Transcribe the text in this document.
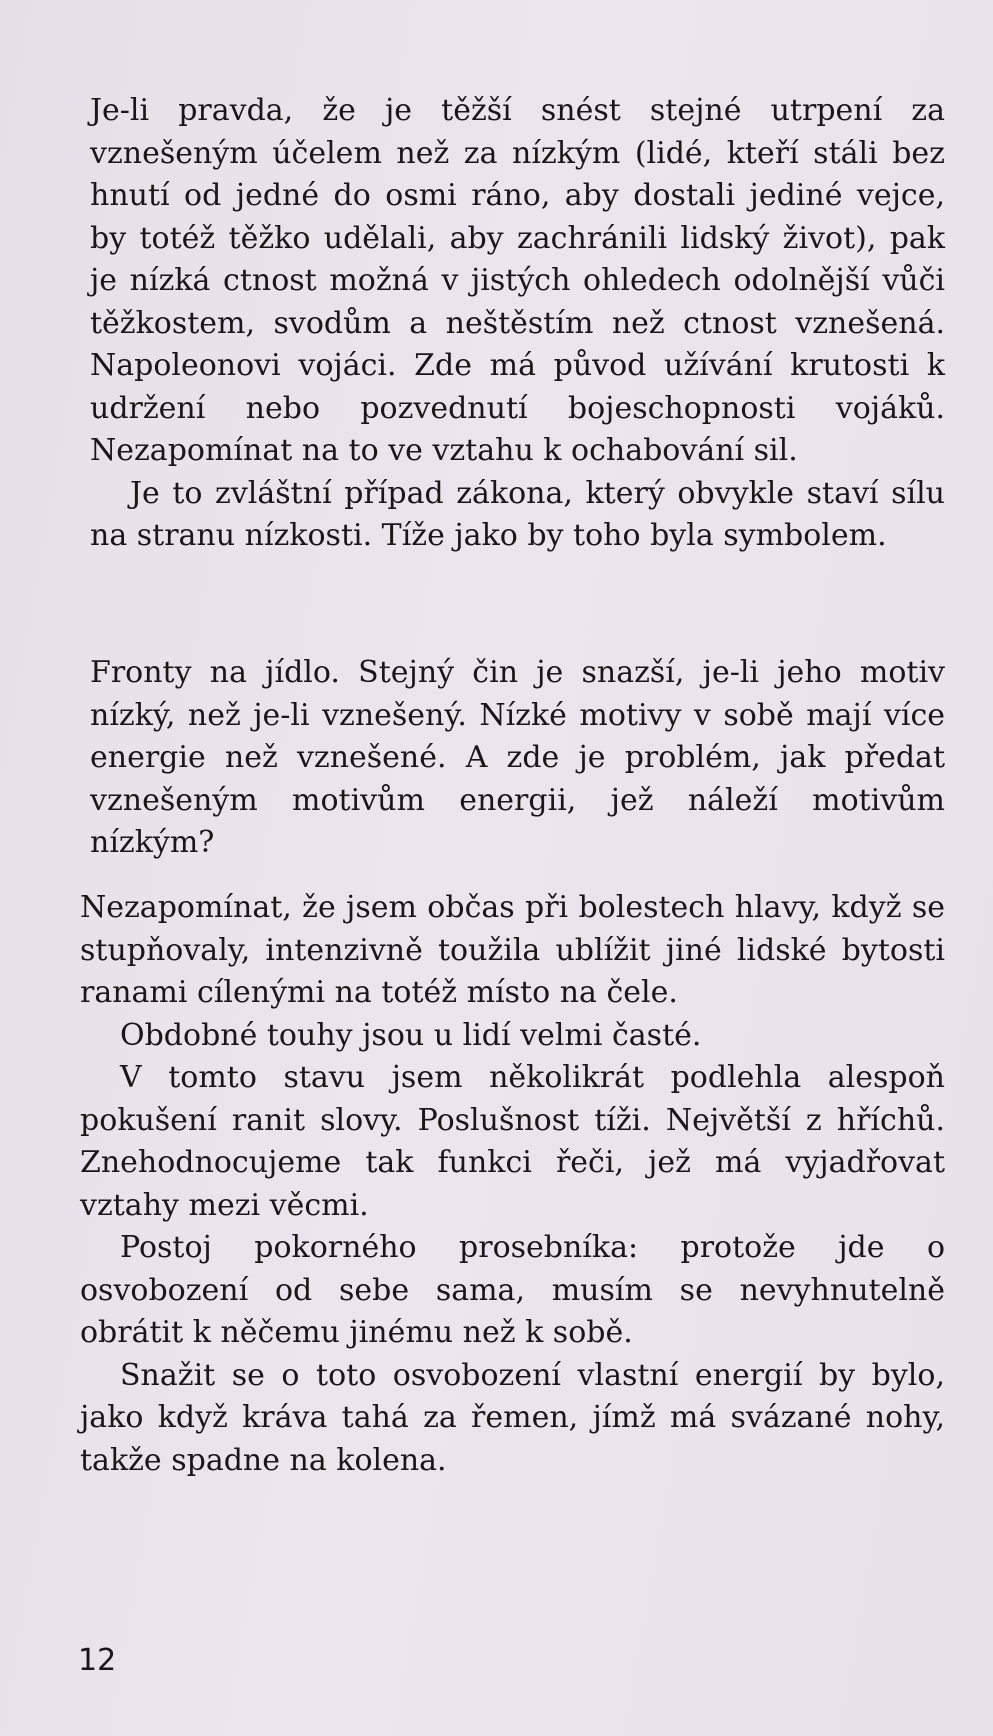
Je-li pravda, že je těžší snést stejné utrpení za vznešeným účelem než za nízkým (lidé, kteří stáli bez hnutí od jedné do osmi ráno, aby dostali jediné vejce, by totéž těžko udělali, aby zachránili lidský život), pak je nízká ctnost možná v jistých ohledech odolnější vůči těžkostem, svodům a neštěstím než ctnost vznešená. Napoleonovi vojáci. Zde má původ užívání krutosti k udržení nebo pozvednutí bojeschopnosti vojáků. Nezapomínat na to ve vztahu k ochabování sil.

Je to zvláštní případ zákona, který obvykle staví sílu na stranu nízkosti. Tíže jako by toho byla symbolem.

Fronty na jídlo. Stejný čin je snazší, je-li jeho motiv nízký, než je-li vznešený. Nízké motivy v sobě mají více energie než vznešené. A zde je problém, jak předat vznešeným motivům energii, jež náleží motivům nízkým?

Nezapomínat, že jsem občas při bolestech hlavy, když se stupňovaly, intenzivně toužila ublížit jiné lidské bytosti ranami cílenými na totéž místo na čele.

Obdobné touhy jsou u lidí velmi časté.

V tomto stavu jsem několikrát podlehla alespoň pokušení ranit slovy. Poslušnost tíži. Největší z hříchů. Znehodnocujeme tak funkci řeči, jež má vyjadřovat vztahy mezi věcmi.

Postoj pokorného prosebníka: protože jde o osvobození od sebe sama, musím se nevyhnutelně obrátit k něčemu jinému než k sobě.

Snažit se o toto osvobození vlastní energií by bylo, jako když kráva tahá za řemen, jímž má svázané nohy, takže spadne na kolena.

12
